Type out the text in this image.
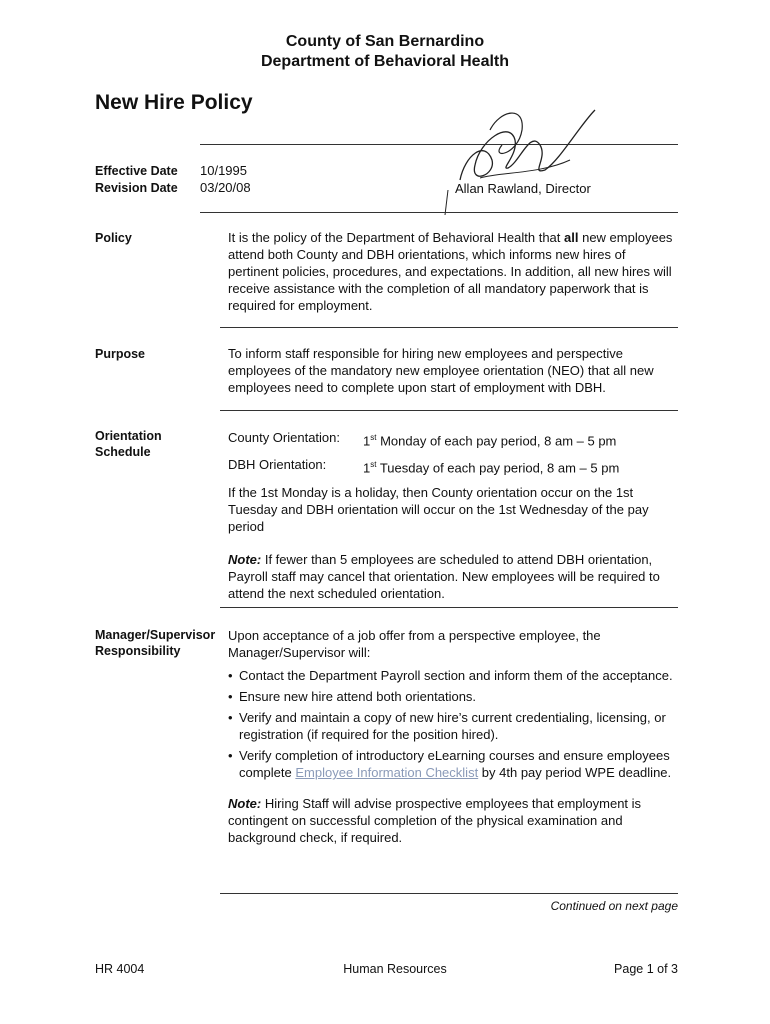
County of San Bernardino
Department of Behavioral Health
New Hire Policy
Effective Date 10/1995
Revision Date 03/20/08	Allan Rawland, Director
Policy	It is the policy of the Department of Behavioral Health that all new employees attend both County and DBH orientations, which informs new hires of pertinent policies, procedures, and expectations. In addition, all new hires will receive assistance with the completion of all mandatory paperwork that is required for employment.

Purpose	To inform staff responsible for hiring new employees and perspective employees of the mandatory new employee orientation (NEO) that all new employees need to complete upon start of employment with DBH.
Orientation
Schedule
County Orientation:	1st Monday of each pay period, 8 am – 5 pm
DBH Orientation:	1st Tuesday of each pay period, 8 am – 5 pm

If the 1st Monday is a holiday, then County orientation occur on the 1st Tuesday and DBH orientation will occur on the 1st Wednesday of the pay period

Note: If fewer than 5 employees are scheduled to attend DBH orientation, Payroll staff may cancel that orientation. New employees will be required to attend the next scheduled orientation.

Manager/Supervisor
Responsibility

Upon acceptance of a job offer from a perspective employee, the Manager/Supervisor will:

• Contact the Department Payroll section and inform them of the acceptance.
• Ensure new hire attend both orientations.
• Verify and maintain a copy of new hire’s current credentialing, licensing, or registration (if required for the position hired).
• Verify completion of introductory eLearning courses and ensure employees complete Employee Information Checklist by 4th pay period WPE deadline.

Note: Hiring Staff will advise prospective employees that employment is contingent on successful completion of the physical examination and background check, if required.

Continued on next page
HR 4004	Human Resources	Page 1 of 3
